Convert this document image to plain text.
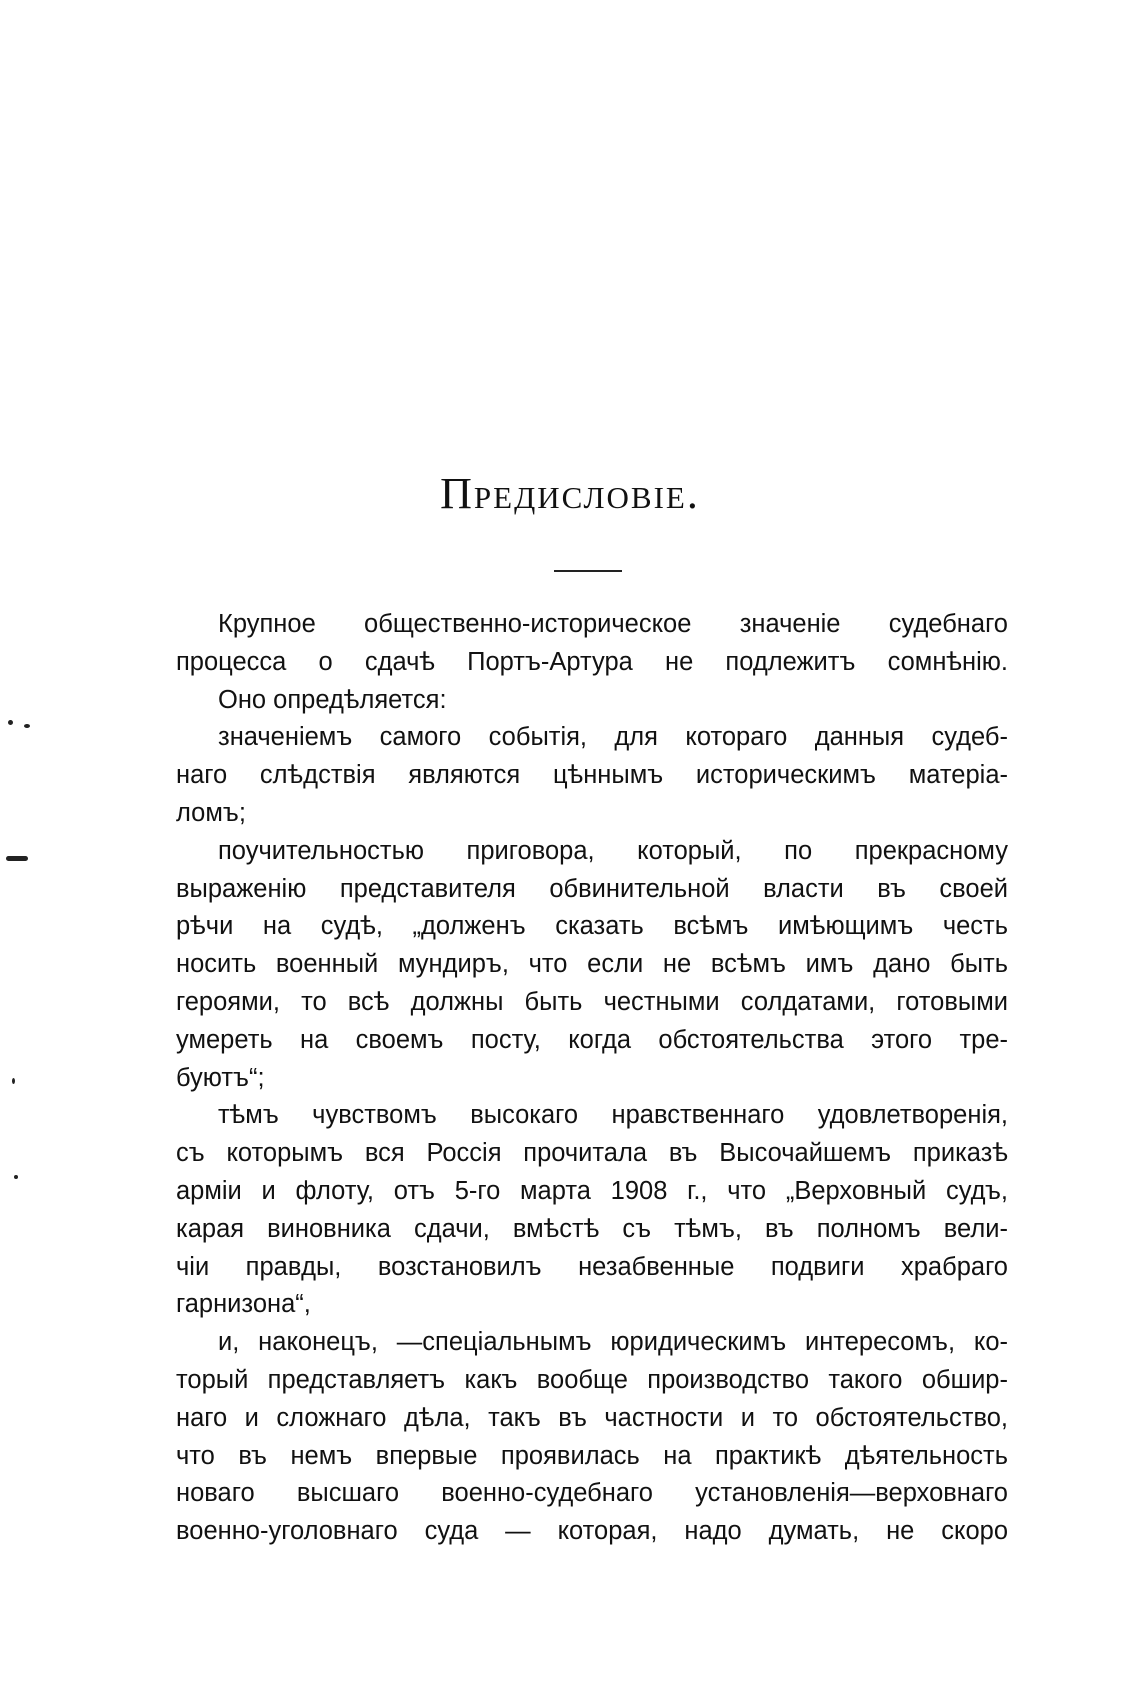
Предисловіе.
Крупное общественно-историческое значеніе судебнаго
процесса о сдачѣ Портъ-Артура не подлежитъ сомнѣнію.
Оно опредѣляется:
значеніемъ самого событія, для котораго данныя судеб-
наго слѣдствія являются цѣннымъ историческимъ матеріа-
ломъ;
поучительностью приговора, который, по прекрасному
выраженію представителя обвинительной власти въ своей
рѣчи на судѣ, „долженъ сказать всѣмъ имѣющимъ честь
носить военный мундиръ, что если не всѣмъ имъ дано быть
героями, то всѣ должны быть честными солдатами, готовыми
умереть на своемъ посту, когда обстоятельства этого тре-
буютъ“;
тѣмъ чувствомъ высокаго нравственнаго удовлетворенія,
съ которымъ вся Россія прочитала въ Высочайшемъ приказѣ
арміи и флоту, отъ 5-го марта 1908 г., что „Верховный судъ,
карая виновника сдачи, вмѣстѣ съ тѣмъ, въ полномъ вели-
чіи правды, возстановилъ незабвенные подвиги храбраго
гарнизона“,
и, наконецъ, —спеціальнымъ юридическимъ интересомъ, ко-
торый представляетъ какъ вообще производство такого обшир-
наго и сложнаго дѣла, такъ въ частности и то обстоятельство,
что въ немъ впервые проявилась на практикѣ дѣятельность
новаго высшаго военно-судебнаго установленія—верховнаго
военно-уголовнаго суда — которая, надо думать, не скоро
